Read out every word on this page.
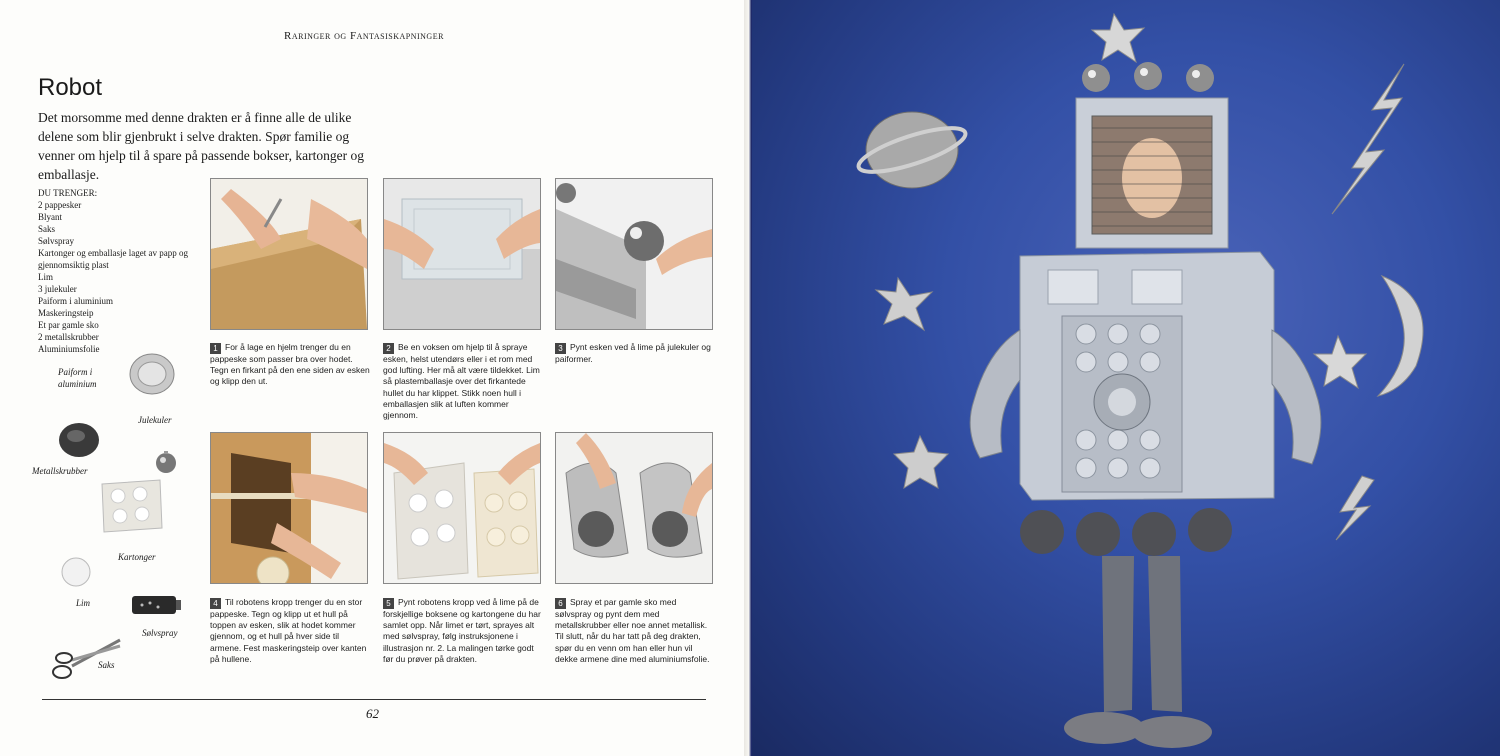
Raringer og Fantasiskapninger
Robot
Det morsomme med denne drakten er å finne alle de ulike delene som blir gjenbrukt i selve drakten. Spør familie og venner om hjelp til å spare på passende bokser, kartonger og emballasje.
DU TRENGER:
2 pappesker
Blyant
Saks
Sølvspray
Kartonger og emballasje laget av papp og gjennomsiktig plast
Lim
3 julekuler
Paiform i aluminium
Maskeringsteip
Et par gamle sko
2 metallskrubber
Aluminiumsfolie
Paiform i aluminium
Julekuler
Metallskrubber
Kartonger
Lim
Sølvspray
Saks
1 For å lage en hjelm trenger du en pappeske som passer bra over hodet. Tegn en firkant på den ene siden av esken og klipp den ut.
2 Be en voksen om hjelp til å spraye esken, helst utendørs eller i et rom med god lufting. Her må alt være tildekket. Lim så plastemballasje over det firkantede hullet du har klippet. Stikk noen hull i emballasjen slik at luften kommer gjennom.
3 Pynt esken ved å lime på julekuler og paiformer.
4 Til robotens kropp trenger du en stor pappeske. Tegn og klipp ut et hull på toppen av esken, slik at hodet kommer gjennom, og et hull på hver side til armene. Fest maskeringsteip over kanten på hullene.
5 Pynt robotens kropp ved å lime på de forskjellige boksene og kartongene du har samlet opp. Når limet er tørt, sprayes alt med sølvspray, følg instruksjonene i illustrasjon nr. 2. La malingen tørke godt før du prøver på drakten.
6 Spray et par gamle sko med sølvspray og pynt dem med metallskrubber eller noe annet metallisk. Til slutt, når du har tatt på deg drakten, spør du en venn om han eller hun vil dekke armene dine med aluminiumsfolie.
62
